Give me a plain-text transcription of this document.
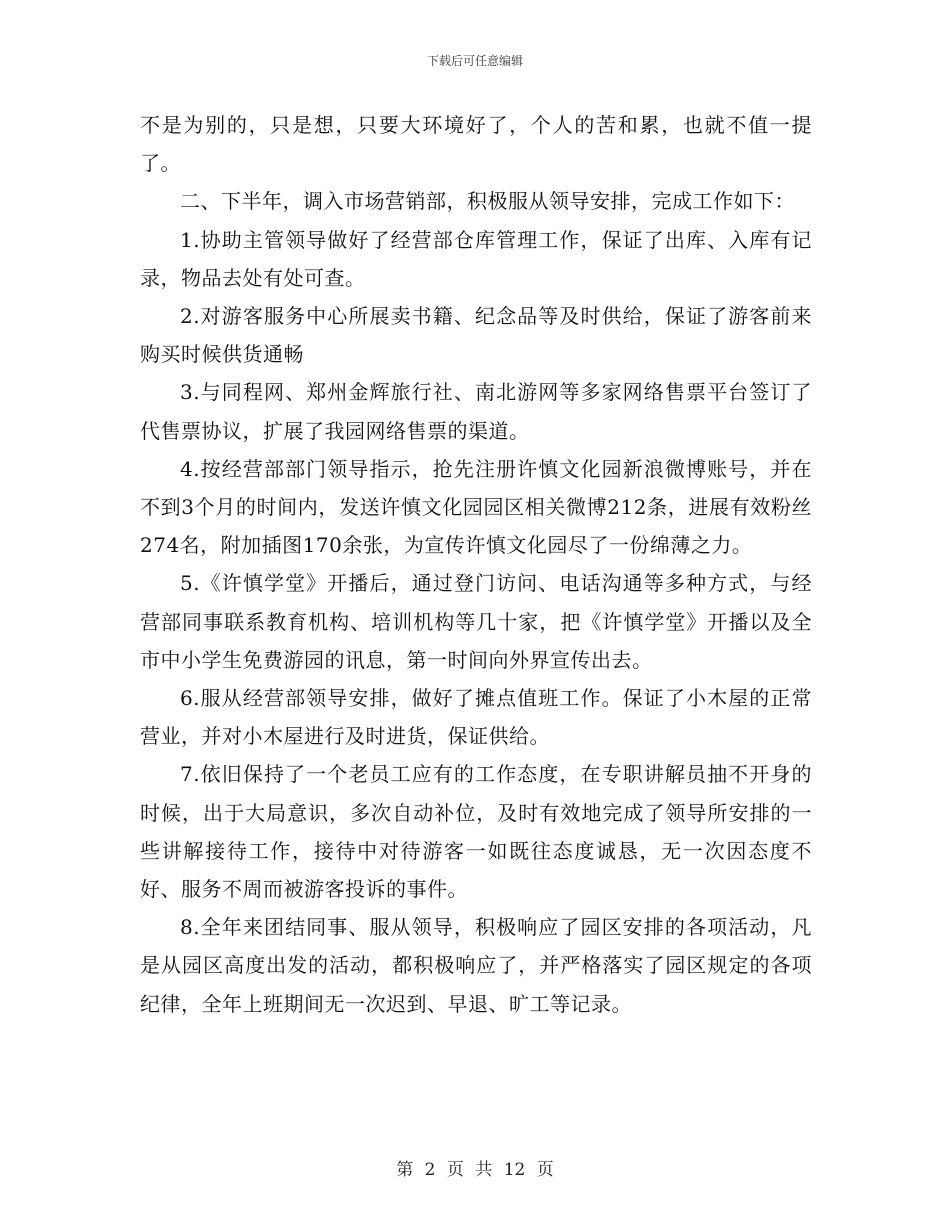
下载后可任意编辑

不是为别的，只是想，只要大环境好了，个人的苦和累，也就不值一提了。

二、下半年，调入市场营销部，积极服从领导安排，完成工作如下：

1.协助主管领导做好了经营部仓库管理工作，保证了出库、入库有记录，物品去处有处可查。

2.对游客服务中心所展卖书籍、纪念品等及时供给，保证了游客前来购买时候供货通畅

3.与同程网、郑州金辉旅行社、南北游网等多家网络售票平台签订了代售票协议，扩展了我园网络售票的渠道。

4.按经营部部门领导指示，抢先注册许慎文化园新浪微博账号，并在不到3个月的时间内，发送许慎文化园园区相关微博212条，进展有效粉丝274名，附加插图170余张，为宣传许慎文化园尽了一份绵薄之力。

5.《许慎学堂》开播后，通过登门访问、电话沟通等多种方式，与经营部同事联系教育机构、培训机构等几十家，把《许慎学堂》开播以及全市中小学生免费游园的讯息，第一时间向外界宣传出去。

6.服从经营部领导安排，做好了摊点值班工作。保证了小木屋的正常营业，并对小木屋进行及时进货，保证供给。

7.依旧保持了一个老员工应有的工作态度，在专职讲解员抽不开身的时候，出于大局意识，多次自动补位，及时有效地完成了领导所安排的一些讲解接待工作，接待中对待游客一如既往态度诚恳，无一次因态度不好、服务不周而被游客投诉的事件。

8.全年来团结同事、服从领导，积极响应了园区安排的各项活动，凡是从园区高度出发的活动，都积极响应了，并严格落实了园区规定的各项纪律，全年上班期间无一次迟到、早退、旷工等记录。

第 2 页 共 12 页
